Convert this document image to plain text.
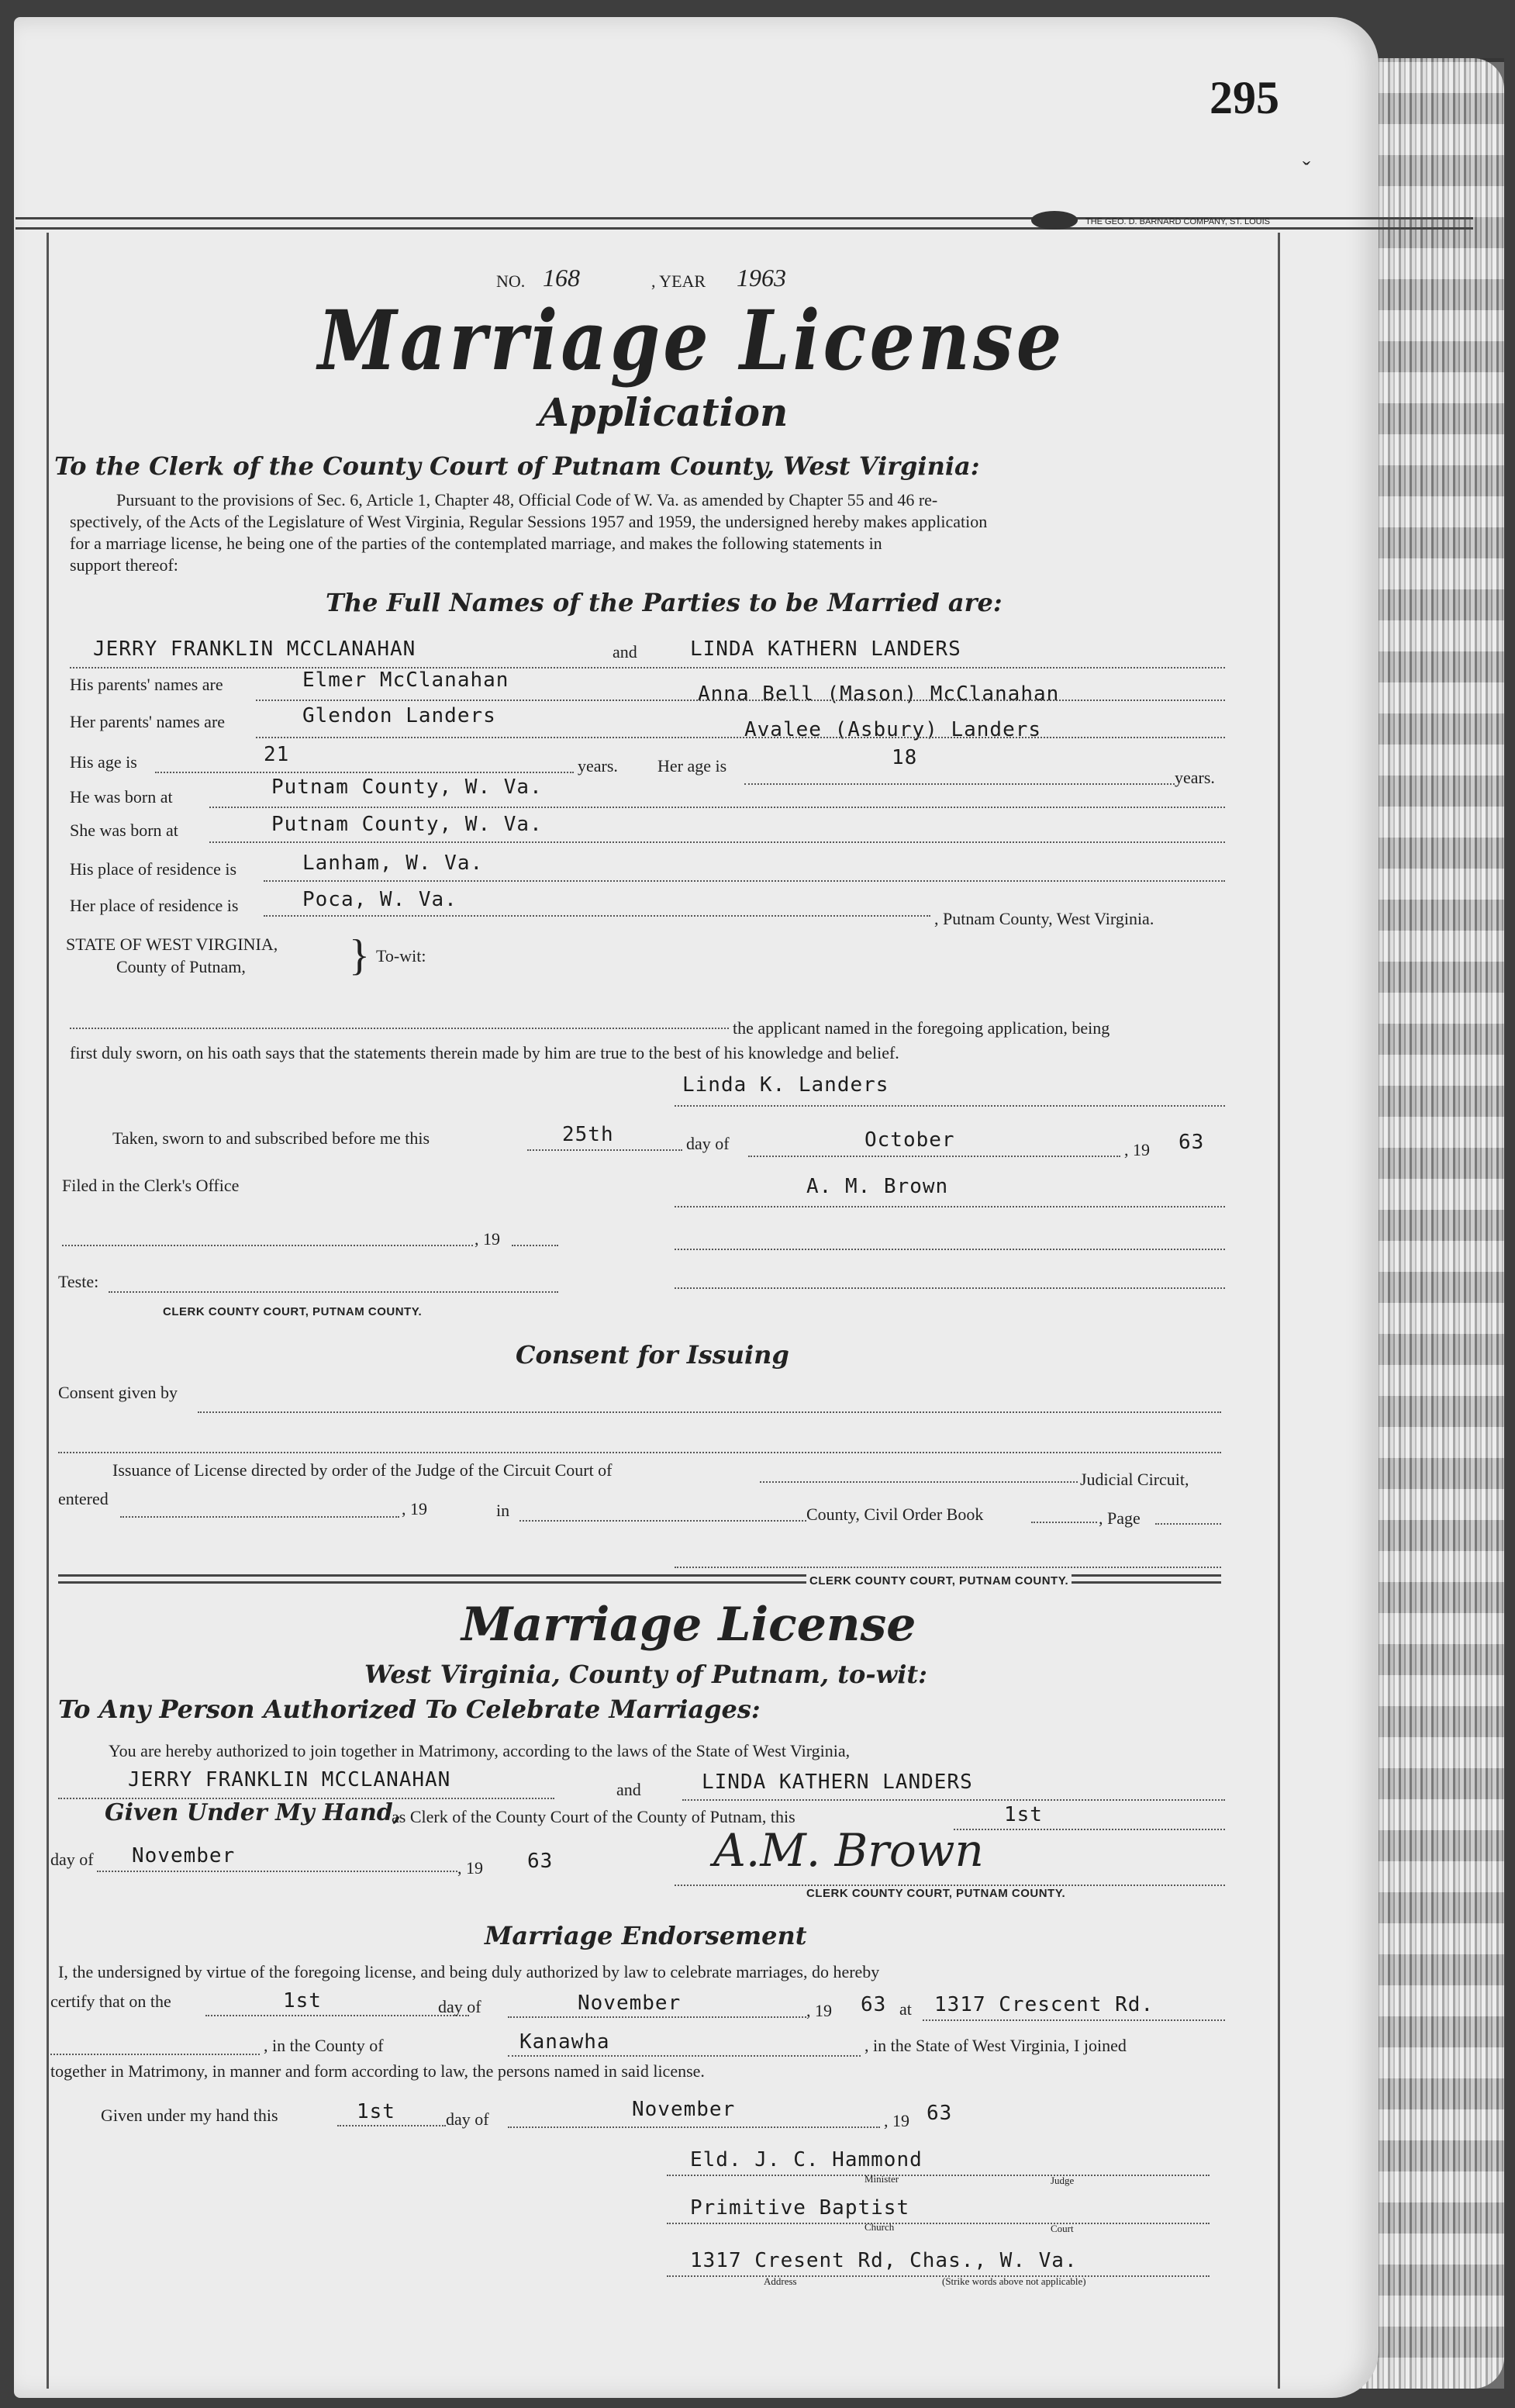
295
ˬ
THE GEO. D. BARNARD COMPANY, ST. LOUIS
NO. 168	, YEAR 1963
Marriage License
Application
To the Clerk of the County Court of Putnam County, West Virginia:
Pursuant to the provisions of Sec. 6, Article 1, Chapter 48, Official Code of W. Va. as amended by Chapter 55 and 46 re-
spectively, of the Acts of the Legislature of West Virginia, Regular Sessions 1957 and 1959, the undersigned hereby makes application
for a marriage license, he being one of the parties of the contemplated marriage, and makes the following statements in
support thereof:
The Full Names of the Parties to be Married are:
JERRY FRANKLIN MCCLANAHAN	and	LINDA KATHERN LANDERS
His parents' names are	Elmer McClanahan
Anna Bell (Mason) McClanahan
Her parents' names are	Glendon Landers
Avalee (Asbury) Landers
His age is	21	years. Her age is	18
years.
He was born at	Putnam County, W. Va.
She was born at	Putnam County, W. Va.
His place of residence is	Lanham, W. Va.
Her place of residence is	Poca, W. Va.
, Putnam County, West Virginia.
STATE OF WEST VIRGINIA,
County of Putnam, } To-wit:
the applicant named in the foregoing application, being
first duly sworn, on his oath says that the statements therein made by him are true to the best of his knowledge and belief.
Linda K. Landers
Taken, sworn to and subscribed before me this	25th	day of	October	, 19 63
Filed in the Clerk's Office	A. M. Brown
, 19
Teste:
CLERK COUNTY COURT, PUTNAM COUNTY.
Consent for Issuing
Consent given by
Issuance of License directed by order of the Judge of the Circuit Court of	Judicial Circuit,
entered
, 19	in	County, Civil Order Book	, Page
CLERK COUNTY COURT, PUTNAM COUNTY.
Marriage License
West Virginia, County of Putnam, to-wit:
To Any Person Authorized To Celebrate Marriages:
You are hereby authorized to join together in Matrimony, according to the laws of the State of West Virginia,
JERRY FRANKLIN MCCLANAHAN	and	LINDA KATHERN LANDERS
Given Under My Hand,
as Clerk of the County Court of the County of Putnam, this	1st
day of November
, 19 63	A.M. Brown
CLERK COUNTY COURT, PUTNAM COUNTY.
Marriage Endorsement
I, the undersigned by virtue of the foregoing license, and being duly authorized by law to celebrate marriages, do hereby
certify that on the	1st	day of	November	, 19 63 at 1317 Crescent Rd.
, in the County of	Kanawha	, in the State of West Virginia, I joined
together in Matrimony, in manner and form according to law, the persons named in said license.
Given under my hand this	1st	day of	November	, 19 63
Eld. J. C. Hammond
Minister	Judge
Primitive Baptist
Church	Court
1317 Cresent Rd, Chas., W. Va.
Address	(Strike words above not applicable)
